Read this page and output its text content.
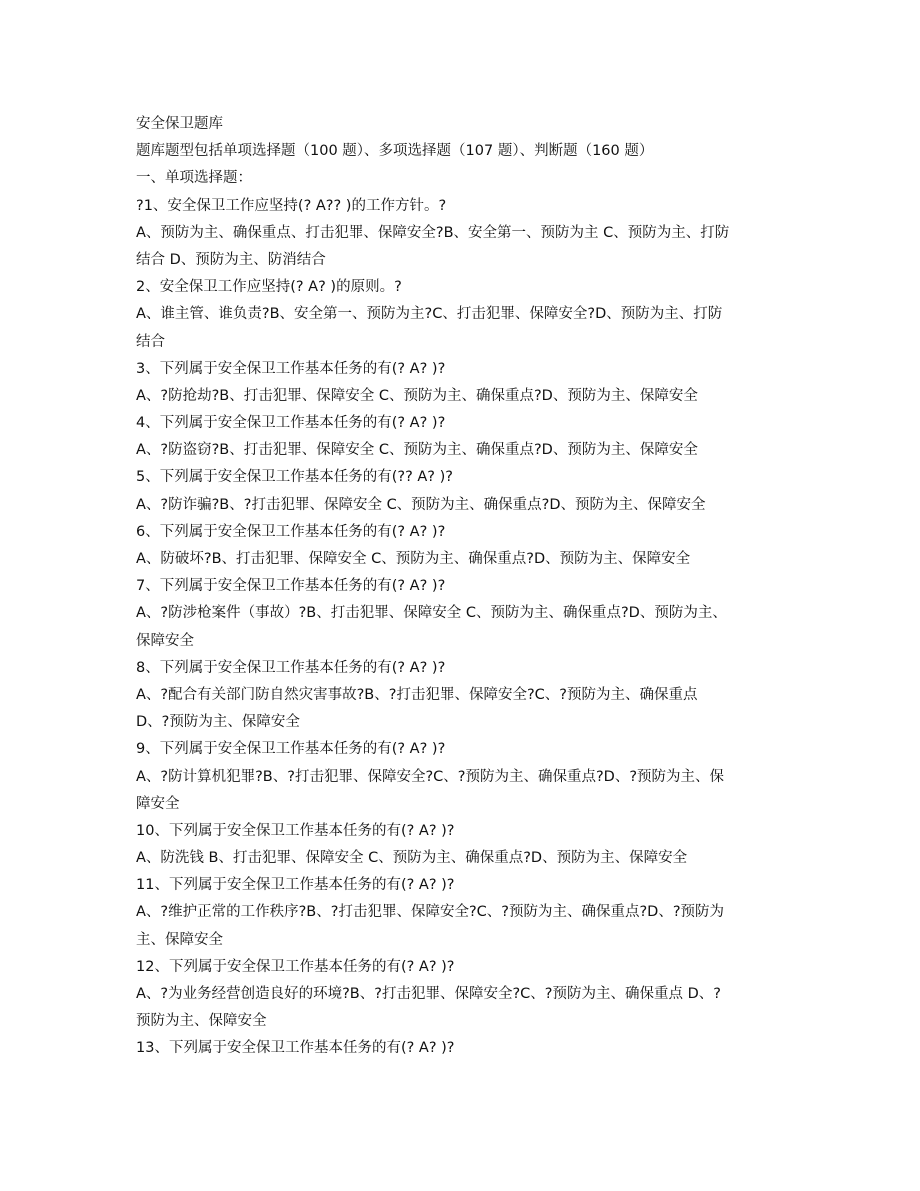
安全保卫题库
题库题型包括单项选择题（100 题）、多项选择题（107 题）、判断题（160 题）
一、单项选择题：
?1、安全保卫工作应坚持(? A?? )的工作方针。?
A、预防为主、确保重点、打击犯罪、保障安全?B、安全第一、预防为主 C、预防为主、打防
结合 D、预防为主、防消结合
2、安全保卫工作应坚持(? A? )的原则。?
A、谁主管、谁负责?B、安全第一、预防为主?C、打击犯罪、保障安全?D、预防为主、打防
结合
3、下列属于安全保卫工作基本任务的有(? A? )?
A、?防抢劫?B、打击犯罪、保障安全 C、预防为主、确保重点?D、预防为主、保障安全
4、下列属于安全保卫工作基本任务的有(? A? )?
A、?防盗窃?B、打击犯罪、保障安全 C、预防为主、确保重点?D、预防为主、保障安全
5、下列属于安全保卫工作基本任务的有(?? A? )?
A、?防诈骗?B、?打击犯罪、保障安全 C、预防为主、确保重点?D、预防为主、保障安全
6、下列属于安全保卫工作基本任务的有(? A? )?
A、防破坏?B、打击犯罪、保障安全 C、预防为主、确保重点?D、预防为主、保障安全
7、下列属于安全保卫工作基本任务的有(? A? )?
A、?防涉枪案件（事故）?B、打击犯罪、保障安全 C、预防为主、确保重点?D、预防为主、
保障安全
8、下列属于安全保卫工作基本任务的有(? A? )?
A、?配合有关部门防自然灾害事故?B、?打击犯罪、保障安全?C、?预防为主、确保重点
D、?预防为主、保障安全
9、下列属于安全保卫工作基本任务的有(? A? )?
A、?防计算机犯罪?B、?打击犯罪、保障安全?C、?预防为主、确保重点?D、?预防为主、保
障安全
10、下列属于安全保卫工作基本任务的有(? A? )?
A、防洗钱 B、打击犯罪、保障安全 C、预防为主、确保重点?D、预防为主、保障安全
11、下列属于安全保卫工作基本任务的有(? A? )?
A、?维护正常的工作秩序?B、?打击犯罪、保障安全?C、?预防为主、确保重点?D、?预防为
主、保障安全
12、下列属于安全保卫工作基本任务的有(? A? )?
A、?为业务经营创造良好的环境?B、?打击犯罪、保障安全?C、?预防为主、确保重点 D、?
预防为主、保障安全
13、下列属于安全保卫工作基本任务的有(? A? )?
